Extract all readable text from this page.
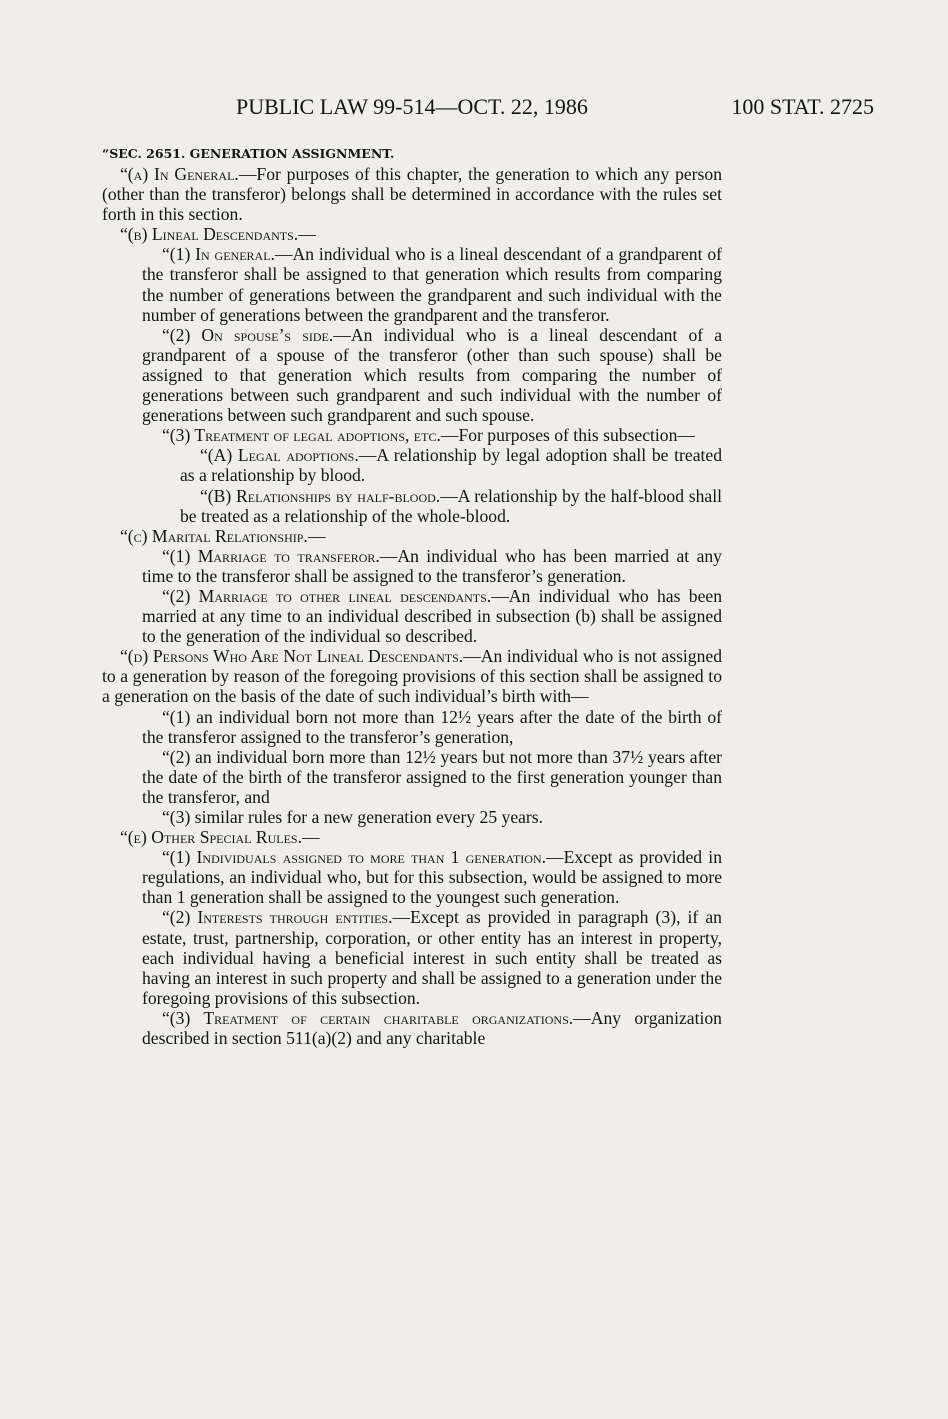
PUBLIC LAW 99-514—OCT. 22, 1986	100 STAT. 2725
“SEC. 2651. GENERATION ASSIGNMENT.

“(a) In General.—For purposes of this chapter, the generation to which any person (other than the transferor) belongs shall be determined in accordance with the rules set forth in this section.

“(b) Lineal Descendants.—

“(1) In general.—An individual who is a lineal descendant of a grandparent of the transferor shall be assigned to that generation which results from comparing the number of generations between the grandparent and such individual with the number of generations between the grandparent and the transferor.

“(2) On spouse’s side.—An individual who is a lineal descendant of a grandparent of a spouse of the transferor (other than such spouse) shall be assigned to that generation which results from comparing the number of generations between such grandparent and such individual with the number of generations between such grandparent and such spouse.

“(3) Treatment of legal adoptions, etc.—For purposes of this subsection—

“(A) Legal adoptions.—A relationship by legal adoption shall be treated as a relationship by blood.

“(B) Relationships by half-blood.—A relationship by the half-blood shall be treated as a relationship of the whole-blood.

“(c) Marital Relationship.—

“(1) Marriage to transferor.—An individual who has been married at any time to the transferor shall be assigned to the transferor’s generation.

“(2) Marriage to other lineal descendants.—An individual who has been married at any time to an individual described in subsection (b) shall be assigned to the generation of the individual so described.

“(d) Persons Who Are Not Lineal Descendants.—An individual who is not assigned to a generation by reason of the foregoing provisions of this section shall be assigned to a generation on the basis of the date of such individual’s birth with—

“(1) an individual born not more than 12½ years after the date of the birth of the transferor assigned to the transferor’s generation,

“(2) an individual born more than 12½ years but not more than 37½ years after the date of the birth of the transferor assigned to the first generation younger than the transferor, and

“(3) similar rules for a new generation every 25 years.

“(e) Other Special Rules.—

“(1) Individuals assigned to more than 1 generation.—Except as provided in regulations, an individual who, but for this subsection, would be assigned to more than 1 generation shall be assigned to the youngest such generation.

“(2) Interests through entities.—Except as provided in paragraph (3), if an estate, trust, partnership, corporation, or other entity has an interest in property, each individual having a beneficial interest in such entity shall be treated as having an interest in such property and shall be assigned to a generation under the foregoing provisions of this subsection.

“(3) Treatment of certain charitable organizations.—Any organization described in section 511(a)(2) and any charitable
